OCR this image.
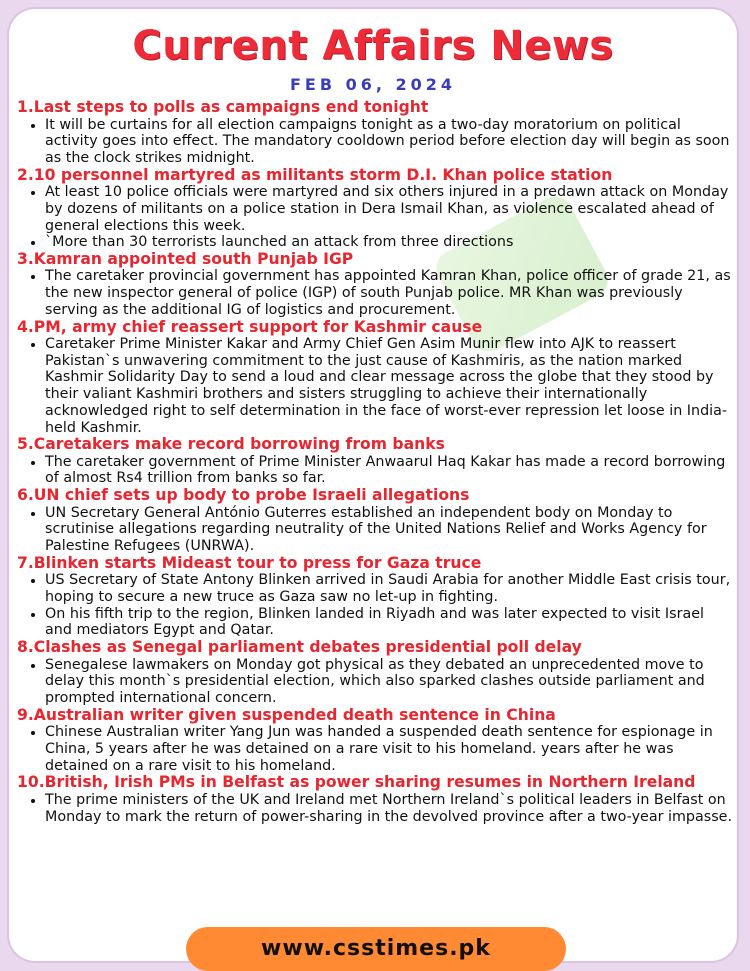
Current Affairs News
FEB 06, 2024
1.Last steps to polls as campaigns end tonight
• It will be curtains for all election campaigns tonight as a two-day moratorium on political activity goes into effect. The mandatory cooldown period before election day will begin as soon as the clock strikes midnight.
2.10 personnel martyred as militants storm D.I. Khan police station
• At least 10 police officials were martyred and six others injured in a predawn attack on Monday by dozens of militants on a police station in Dera Ismail Khan, as violence escalated ahead of general elections this week.
• `More than 30 terrorists launched an attack from three directions
3.Kamran appointed south Punjab IGP
• The caretaker provincial government has appointed Kamran Khan, police officer of grade 21, as the new inspector general of police (IGP) of south Punjab police. MR Khan was previously serving as the additional IG of logistics and procurement.
4.PM, army chief reassert support for Kashmir cause
• Caretaker Prime Minister Kakar and Army Chief Gen Asim Munir flew into AJK to reassert Pakistan`s unwavering commitment to the just cause of Kashmiris, as the nation marked Kashmir Solidarity Day to send a loud and clear message across the globe that they stood by their valiant Kashmiri brothers and sisters struggling to achieve their internationally acknowledged right to self determination in the face of worst-ever repression let loose in India-held Kashmir.
5.Caretakers make record borrowing from banks
• The caretaker government of Prime Minister Anwaarul Haq Kakar has made a record borrowing of almost Rs4 trillion from banks so far.
6.UN chief sets up body to probe Israeli allegations
• UN Secretary General António Guterres established an independent body on Monday to scrutinise allegations regarding neutrality of the United Nations Relief and Works Agency for Palestine Refugees (UNRWA).
7.Blinken starts Mideast tour to press for Gaza truce
• US Secretary of State Antony Blinken arrived in Saudi Arabia for another Middle East crisis tour, hoping to secure a new truce as Gaza saw no let-up in fighting.
• On his fifth trip to the region, Blinken landed in Riyadh and was later expected to visit Israel and mediators Egypt and Qatar.
8.Clashes as Senegal parliament debates presidential poll delay
• Senegalese lawmakers on Monday got physical as they debated an unprecedented move to delay this month`s presidential election, which also sparked clashes outside parliament and prompted international concern.
9.Australian writer given suspended death sentence in China
• Chinese Australian writer Yang Jun was handed a suspended death sentence for espionage in China, 5 years after he was detained on a rare visit to his homeland. years after he was detained on a rare visit to his homeland.
10.British, Irish PMs in Belfast as power sharing resumes in Northern Ireland
• The prime ministers of the UK and Ireland met Northern Ireland`s political leaders in Belfast on Monday to mark the return of power-sharing in the devolved province after a two-year impasse.
www.csstimes.pk
